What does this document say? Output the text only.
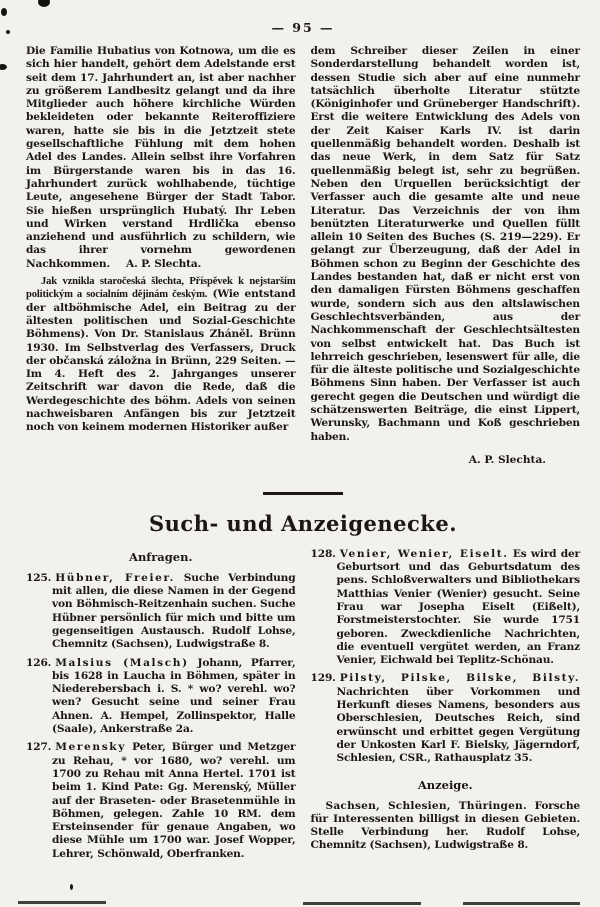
— 95 —

Die Familie Hubatius von Kotnowa, um die es sich hier handelt, gehört dem Adelstande erst seit dem 17. Jahrhundert an, ist aber nachher zu größerem Landbesitz gelangt und da ihre Mitglieder auch höhere kirchliche Würden bekleideten oder bekannte Reiteroffiziere waren, hatte sie bis in die Jetztzeit stete gesellschaftliche Fühlung mit dem hohen Adel des Landes. Allein selbst ihre Vorfahren im Bürgerstande waren bis in das 16. Jahrhundert zurück wohlhabende, tüchtige Leute, angesehene Bürger der Stadt Tabor. Sie hießen ursprünglich Hubatý. Ihr Leben und Wirken verstand Hrdlička ebenso anziehend und ausführlich zu schildern, wie das ihrer vornehm gewordenen Nachkommen. A. P. Slechta.

Jak vznikla staročeská šlechta, Příspěvek k nejstarším politickým a socialním dějinám českým. (Wie entstand der altböhmische Adel, ein Beitrag zu der ältesten politischen und Sozial-Geschichte Böhmens). Von Dr. Stanislaus Zháněl. Brünn 1930. Im Selbstverlag des Verfassers, Druck der občanská záložna in Brünn, 229 Seiten. — Im 4. Heft des 2. Jahrganges unserer Zeitschrift war davon die Rede, daß die Werdegeschichte des böhm. Adels von seinen nachweisbaren Anfängen bis zur Jetztzeit noch von keinem modernen Historiker außer

dem Schreiber dieser Zeilen in einer Sonderdarstellung behandelt worden ist, dessen Studie sich aber auf eine nunmehr tatsächlich überholte Literatur stützte (Königinhofer und Grüneberger Handschrift). Erst die weitere Entwicklung des Adels von der Zeit Kaiser Karls IV. ist darin quellenmäßig behandelt worden. Deshalb ist das neue Werk, in dem Satz für Satz quellenmäßig belegt ist, sehr zu begrüßen. Neben den Urquellen berücksichtigt der Verfasser auch die gesamte alte und neue Literatur. Das Verzeichnis der von ihm benützten Literaturwerke und Quellen füllt allein 10 Seiten des Buches (S. 219—229). Er gelangt zur Überzeugung, daß der Adel in Böhmen schon zu Beginn der Geschichte des Landes bestanden hat, daß er nicht erst von den damaligen Fürsten Böhmens geschaffen wurde, sondern sich aus den altslawischen Geschlechtsverbänden, aus der Nachkommenschaft der Geschlechtsältesten von selbst entwickelt hat. Das Buch ist lehrreich geschrieben, lesenswert für alle, die für die älteste politische und Sozialgeschichte Böhmens Sinn haben. Der Verfasser ist auch gerecht gegen die Deutschen und würdigt die schätzenswerten Beiträge, die einst Lippert, Werunsky, Bachmann und Koß geschrieben haben.

A. P. Slechta.

Such- und Anzeigenecke.
Anfragen.

125. Hübner, Freier. Suche Verbindung mit allen, die diese Namen in der Gegend von Böhmisch-Reitzenhain suchen. Suche Hübner persönlich für mich und bitte um gegenseitigen Austausch. Rudolf Lohse, Chemnitz (Sachsen), Ludwigstraße 8.

126. Malsius (Malsch) Johann, Pfarrer, bis 1628 in Laucha in Böhmen, später in Niederebersbach i. S. * wo? verehl. wo? wen? Gesucht seine und seiner Frau Ahnen. A. Hempel, Zollinspektor, Halle (Saale), Ankerstraße 2a.

127. Merensky Peter, Bürger und Metzger zu Rehau, * vor 1680, wo? verehl. um 1700 zu Rehau mit Anna Hertel. 1701 ist beim 1. Kind Pate: Gg. Merenský, Müller auf der Braseten- oder Brasetenmühle in Böhmen, gelegen. Zahle 10 RM. dem Ersteinsender für genaue Angaben, wo diese Mühle um 1700 war. Josef Wopper, Lehrer, Schönwald, Oberfranken.

128. Venier, Wenier, Eiselt. Es wird der Geburtsort und das Geburtsdatum des pens. Schloßverwalters und Bibliothekars Matthias Venier (Wenier) gesucht. Seine Frau war Josepha Eiselt (Eißelt), Forstmeisterstochter. Sie wurde 1751 geboren. Zweckdienliche Nachrichten, die eventuell vergütet werden, an Franz Venier, Eichwald bei Teplitz-Schönau.

129. Pilsty, Pilske, Bilske, Bilsty. Nachrichten über Vorkommen und Herkunft dieses Namens, besonders aus Oberschlesien, Deutsches Reich, sind erwünscht und erbittet gegen Vergütung der Unkosten Karl F. Bielsky, Jägerndorf, Schlesien, CSR., Rathausplatz 35.

Anzeige.

Sachsen, Schlesien, Thüringen. Forsche für Interessenten billigst in diesen Gebieten. Stelle Verbindung her. Rudolf Lohse, Chemnitz (Sachsen), Ludwigstraße 8.
